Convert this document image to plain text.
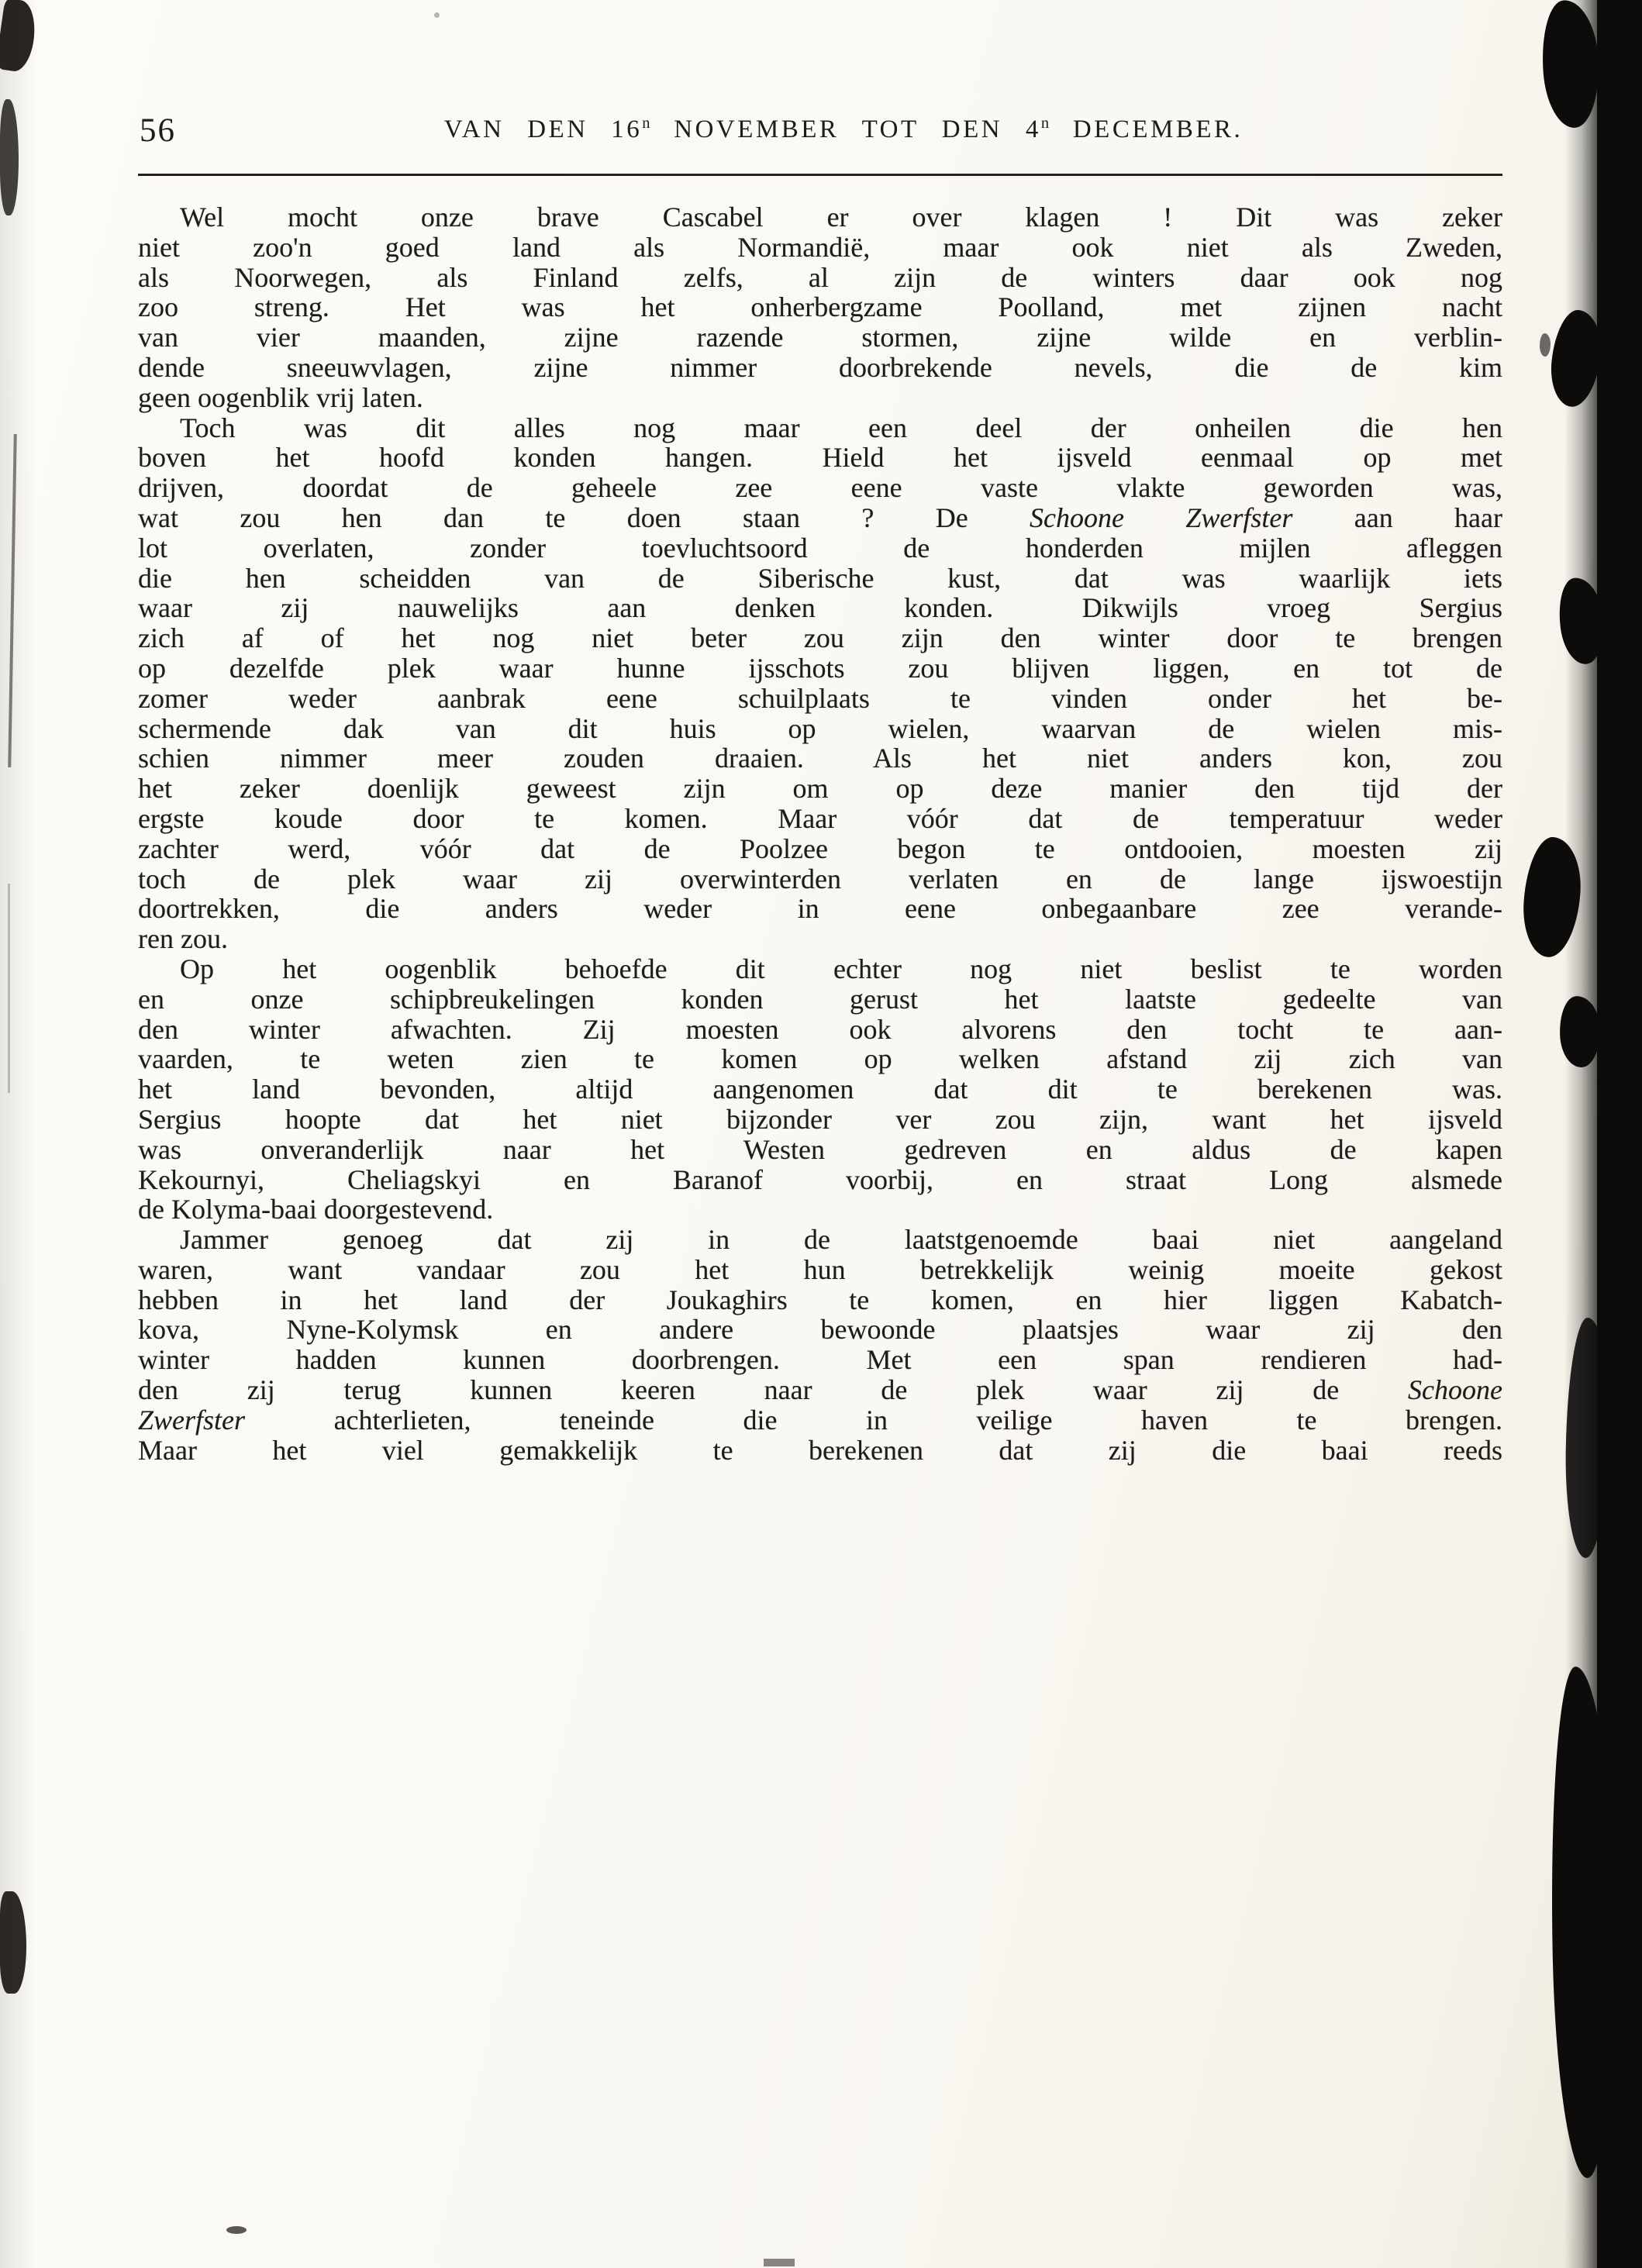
56	VAN DEN 16$^n$ NOVEMBER TOT DEN 4$^n$ DECEMBER.
Wel mocht onze brave Cascabel er over klagen ! Dit was zeker
niet zoo'n goed land als Normandië, maar ook niet als Zweden,
als Noorwegen, als Finland zelfs, al zijn de winters daar ook nog
zoo streng. Het was het onherbergzame Poolland, met zijnen nacht
van vier maanden, zijne razende stormen, zijne wilde en verblin-
dende sneeuwvlagen, zijne nimmer doorbrekende nevels, die de kim
geen oogenblik vrij laten.
Toch was dit alles nog maar een deel der onheilen die hen
boven het hoofd konden hangen. Hield het ijsveld eenmaal op met
drijven, doordat de geheele zee eene vaste vlakte geworden was,
wat zou hen dan te doen staan ? De Schoone Zwerfster aan haar
lot overlaten, zonder toevluchtsoord de honderden mijlen afleggen
die hen scheidden van de Siberische kust, dat was waarlijk iets
waar zij nauwelijks aan denken konden. Dikwijls vroeg Sergius
zich af of het nog niet beter zou zijn den winter door te brengen
op dezelfde plek waar hunne ijsschots zou blijven liggen, en tot de
zomer weder aanbrak eene schuilplaats te vinden onder het be-
schermende dak van dit huis op wielen, waarvan de wielen mis-
schien nimmer meer zouden draaien. Als het niet anders kon, zou
het zeker doenlijk geweest zijn om op deze manier den tijd der
ergste koude door te komen. Maar vóór dat de temperatuur weder
zachter werd, vóór dat de Poolzee begon te ontdooien, moesten zij
toch de plek waar zij overwinterden verlaten en de lange ijswoestijn
doortrekken, die anders weder in eene onbegaanbare zee verande-
ren zou.
Op het oogenblik behoefde dit echter nog niet beslist te worden
en onze schipbreukelingen konden gerust het laatste gedeelte van
den winter afwachten. Zij moesten ook alvorens den tocht te aan-
vaarden, te weten zien te komen op welken afstand zij zich van
het land bevonden, altijd aangenomen dat dit te berekenen was.
Sergius hoopte dat het niet bijzonder ver zou zijn, want het ijsveld
was onveranderlijk naar het Westen gedreven en aldus de kapen
Kekournyi, Cheliagskyi en Baranof voorbij, en straat Long alsmede
de Kolyma-baai doorgestevend.
Jammer genoeg dat zij in de laatstgenoemde baai niet aangeland
waren, want vandaar zou het hun betrekkelijk weinig moeite gekost
hebben in het land der Joukaghirs te komen, en hier liggen Kabatch-
kova, Nyne-Kolymsk en andere bewoonde plaatsjes waar zij den
winter hadden kunnen doorbrengen. Met een span rendieren had-
den zij terug kunnen keeren naar de plek waar zij de Schoone
Zwerfster achterlieten, teneinde die in veilige haven te brengen.
Maar het viel gemakkelijk te berekenen dat zij die baai reeds
